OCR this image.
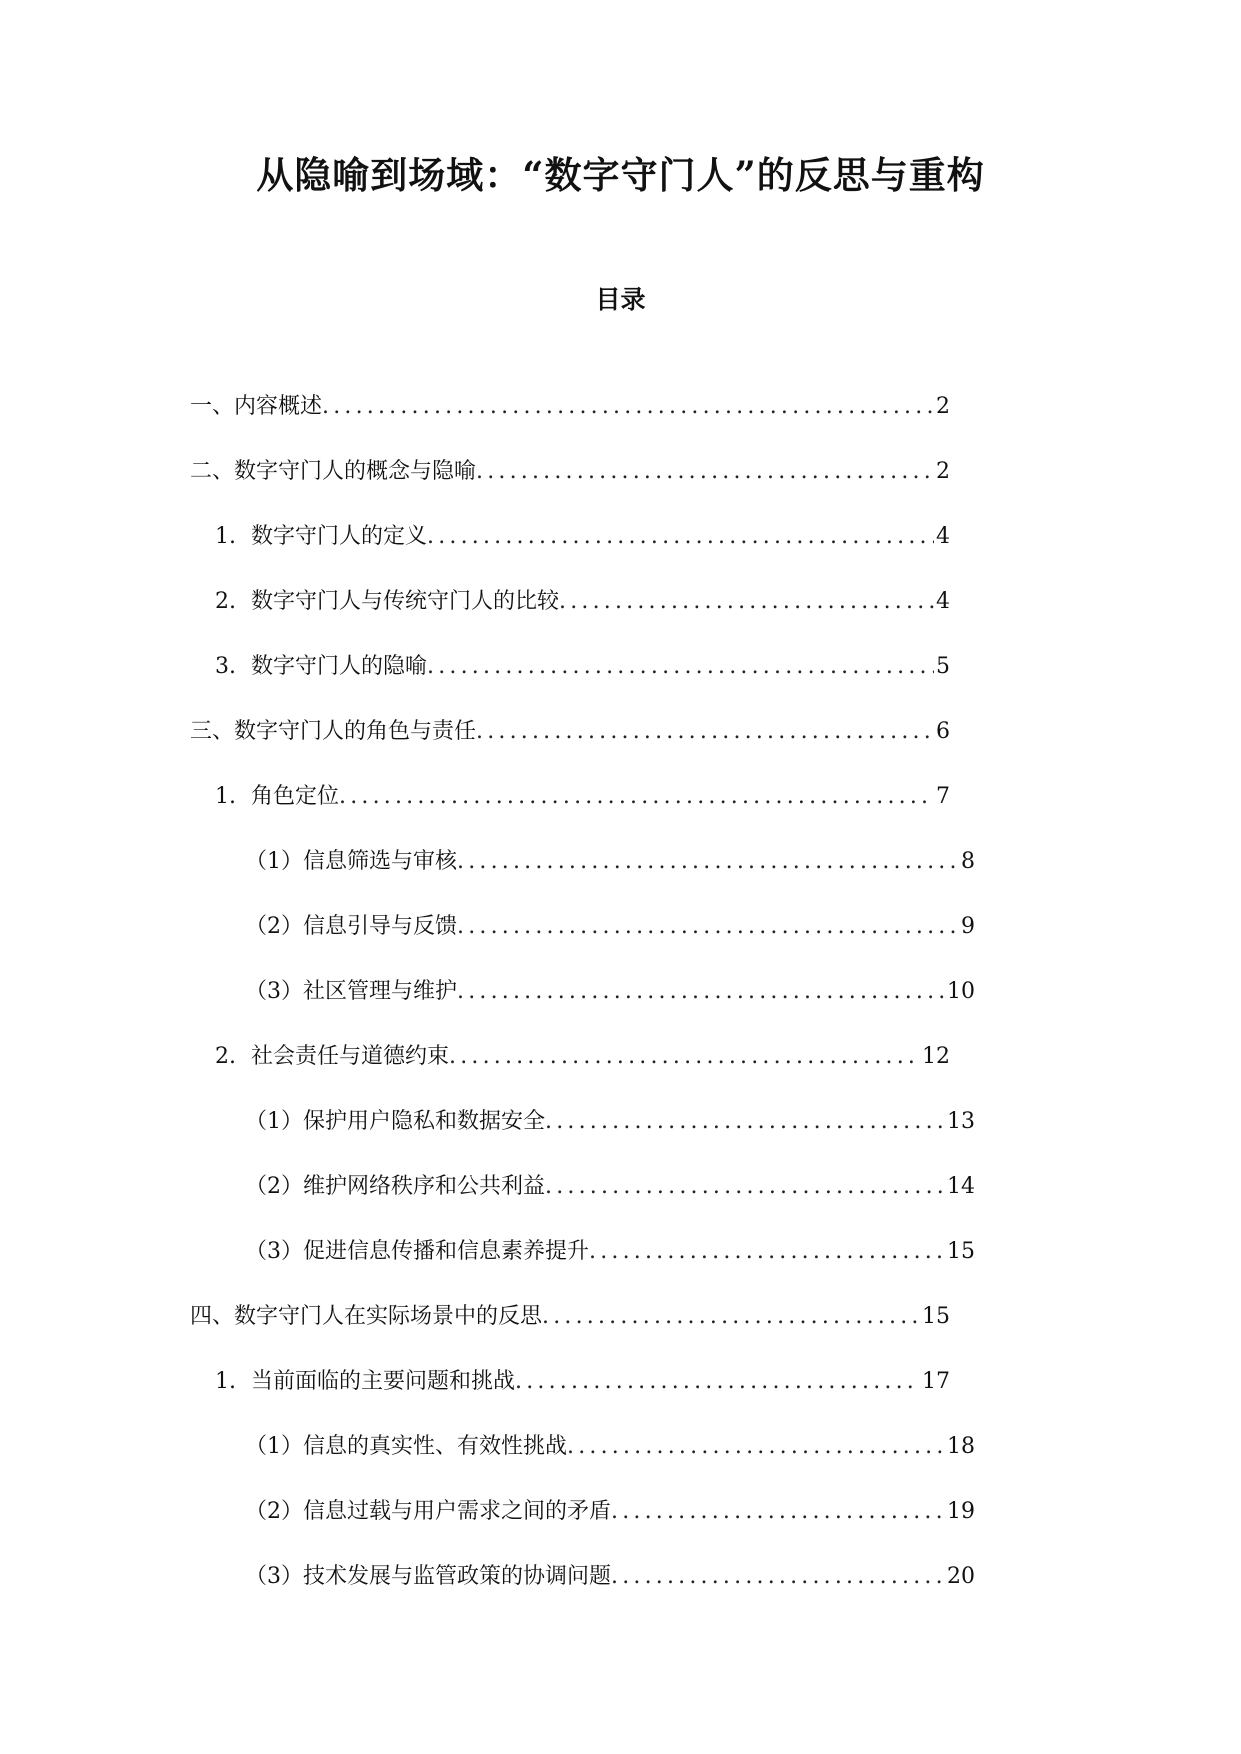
从隐喻到场域：“数字守门人”的反思与重构
目录
一、内容概述 .....	2
二、数字守门人的概念与隐喻 .....	2
1. 数字守门人的定义 .....	4
2. 数字守门人与传统守门人的比较 .....	4
3. 数字守门人的隐喻 .....	5
三、数字守门人的角色与责任 .....	6
1. 角色定位 .....	7
（1）信息筛选与审核 .....	8
（2）信息引导与反馈 .....	9
（3）社区管理与维护 .....	10
2. 社会责任与道德约束 .....	12
（1）保护用户隐私和数据安全 .....	13
（2）维护网络秩序和公共利益 .....	14
（3）促进信息传播和信息素养提升 .....	15
四、数字守门人在实际场景中的反思 .....	15
1. 当前面临的主要问题和挑战 .....	17
（1）信息的真实性、有效性挑战 .....	18
（2）信息过载与用户需求之间的矛盾 .....	19
（3）技术发展与监管政策的协调问题 .....	20
